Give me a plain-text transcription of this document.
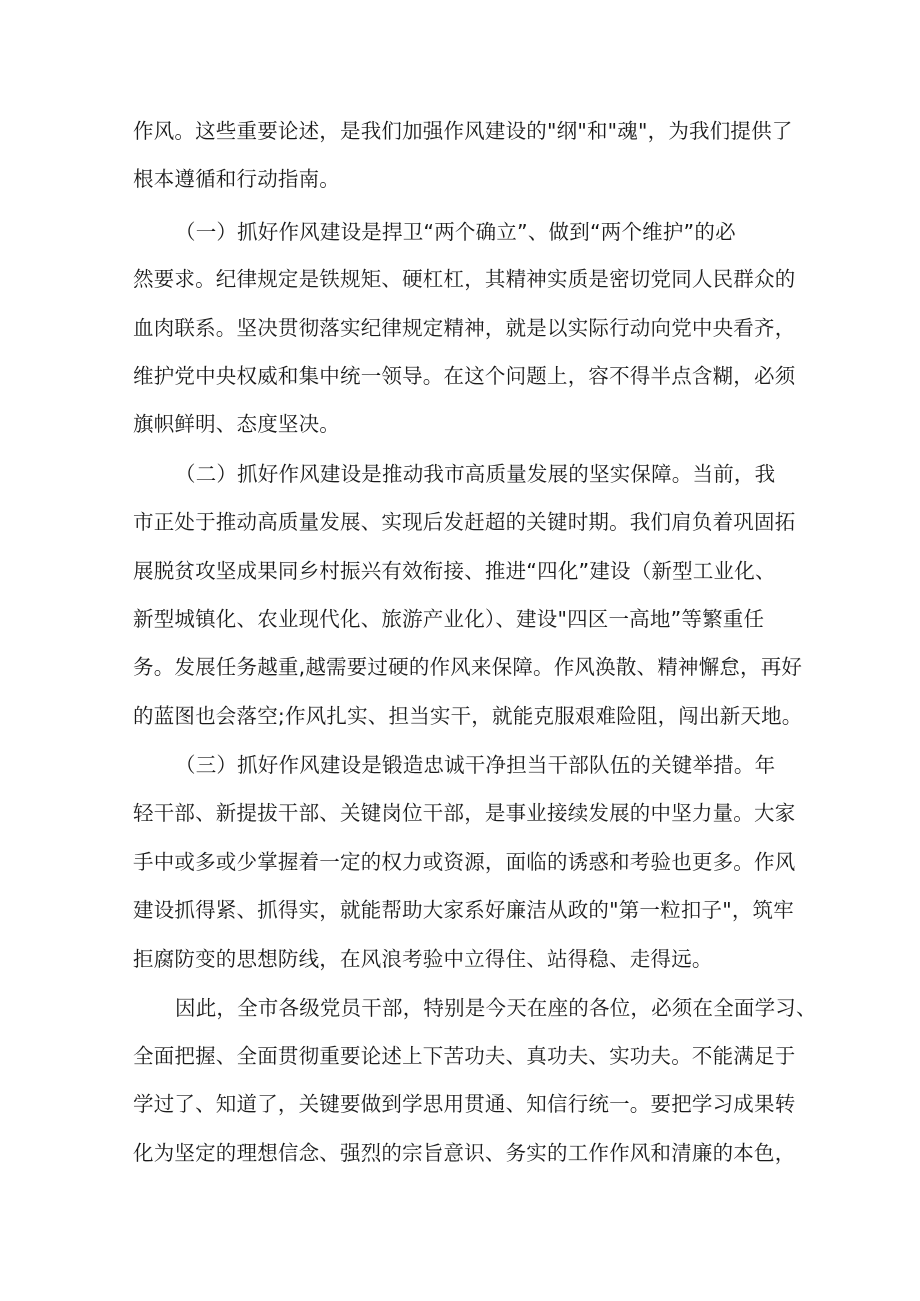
作风。这些重要论述，是我们加强作风建设的"纲"和"魂"，为我们提供了
根本遵循和行动指南。
（一）抓好作风建设是捍卫“两个确立”、做到“两个维护”的必
然要求。纪律规定是铁规矩、硬杠杠，其精神实质是密切党同人民群众的
血肉联系。坚决贯彻落实纪律规定精神，就是以实际行动向党中央看齐，
维护党中央权威和集中统一领导。在这个问题上，容不得半点含糊，必须
旗帜鲜明、态度坚决。
（二）抓好作风建设是推动我市高质量发展的坚实保障。当前，我
市正处于推动高质量发展、实现后发赶超的关键时期。我们肩负着巩固拓
展脱贫攻坚成果同乡村振兴有效衔接、推进“四化”建设（新型工业化、
新型城镇化、农业现代化、旅游产业化）、建设"四区一高地”等繁重任
务。发展任务越重,越需要过硬的作风来保障。作风涣散、精神懈怠，再好
的蓝图也会落空;作风扎实、担当实干，就能克服艰难险阻，闯出新天地。
（三）抓好作风建设是锻造忠诚干净担当干部队伍的关键举措。年
轻干部、新提拔干部、关键岗位干部，是事业接续发展的中坚力量。大家
手中或多或少掌握着一定的权力或资源，面临的诱惑和考验也更多。作风
建设抓得紧、抓得实，就能帮助大家系好廉洁从政的"第一粒扣子"，筑牢
拒腐防变的思想防线，在风浪考验中立得住、站得稳、走得远。
因此，全市各级党员干部，特别是今天在座的各位，必须在全面学习、
全面把握、全面贯彻重要论述上下苦功夫、真功夫、实功夫。不能满足于
学过了、知道了，关键要做到学思用贯通、知信行统一。要把学习成果转
化为坚定的理想信念、强烈的宗旨意识、务实的工作作风和清廉的本色，
